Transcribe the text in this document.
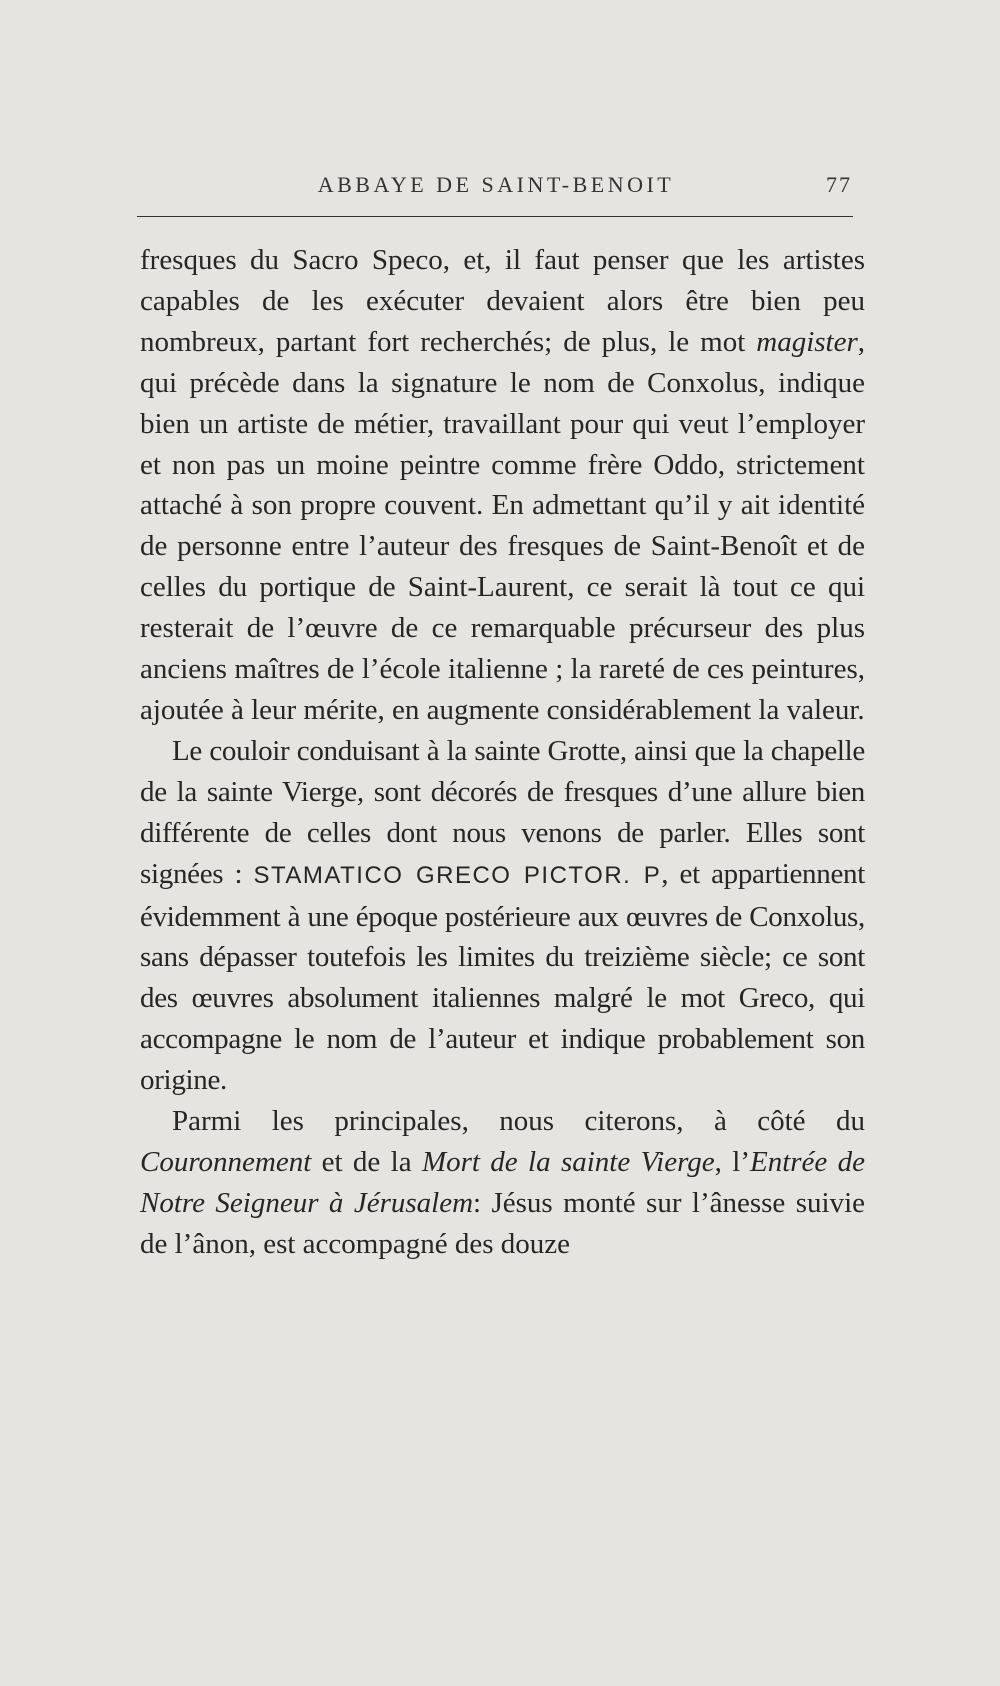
ABBAYE DE SAINT-BENOIT	77

fresques du Sacro Speco, et, il faut penser que les artistes capables de les exécuter devaient alors être bien peu nombreux, partant fort recherchés; de plus, le mot magister, qui précède dans la signature le nom de Conxolus, indique bien un artiste de métier, travaillant pour qui veut l’employer et non pas un moine peintre comme frère Oddo, strictement attaché à son propre couvent. En admettant qu’il y ait identité de personne entre l’auteur des fresques de Saint-Benoît et de celles du portique de Saint-Laurent, ce serait là tout ce qui resterait de l’œuvre de ce remarquable précurseur des plus anciens maîtres de l’école italienne ; la rareté de ces peintures, ajoutée à leur mérite, en augmente considérablement la valeur.

Le couloir conduisant à la sainte Grotte, ainsi que la chapelle de la sainte Vierge, sont décorés de fresques d’une allure bien différente de celles dont nous venons de parler. Elles sont signées : STAMATICO GRECO PICTOR. P, et appartiennent évidemment à une époque postérieure aux œuvres de Conxolus, sans dépasser toutefois les limites du treizième siècle; ce sont des œuvres absolument italiennes malgré le mot Greco, qui accompagne le nom de l’auteur et indique probablement son origine.

Parmi les principales, nous citerons, à côté du Couronnement et de la Mort de la sainte Vierge, l’Entrée de Notre Seigneur à Jérusalem: Jésus monté sur l’ânesse suivie de l’ânon, est accompagné des douze
